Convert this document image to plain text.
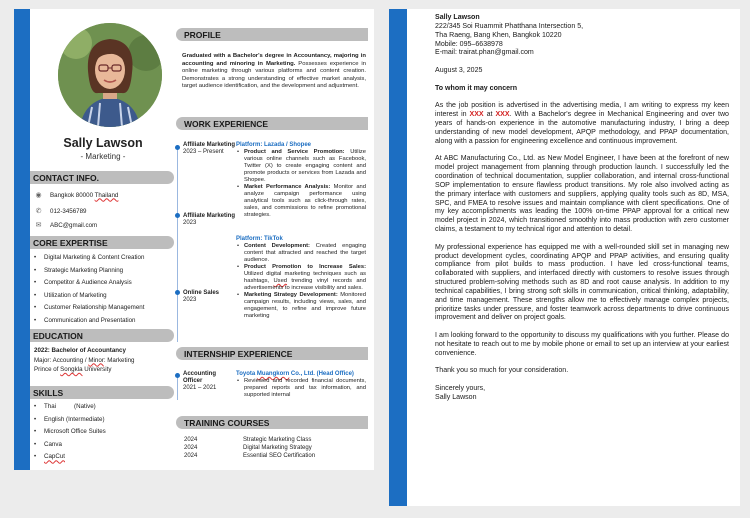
Sally Lawson
- Marketing -
CONTACT INFO.
◉ Bangkok 80000 Thailand
✆ 012-3456789
✉ ABC@gmail.com
CORE EXPERTISE
• Digital Marketing & Content Creation
• Strategic Marketing Planning
• Competitor & Audience Analysis
• Utilization of Marketing
• Customer Relationship Management
• Communication and Presentation
EDUCATION
2022: Bachelor of Accountancy
Major: Accounting / Minor: Marketing
Prince of Songkla University
SKILLS
• Thai	(Native)
• English (Intermediate)
• Microsoft Office Suites
• Canva
• CapCut
PROFILE
Graduated with a Bachelor's degree in Accountancy, majoring in accounting and minoring in Marketing. Possesses experience in online marketing through various platforms and content creation. Demonstrates a strong understanding of effective market analysis, target audience identification, and the development and adjustment.
WORK EXPERIENCE
Affiliate Marketing
2023 – Present
Platform: Lazada / Shopee
• Product and Service Promotion: Utilize various online channels such as Facebook, Twitter (X) to create engaging content and promote products or services from Lazada and Shopee.
• Market Performance Analysis: Monitor and analyze campaign performance using analytical tools such as click-through rates, sales, and commissions to refine promotional strategies.
Affiliate Marketing
2023
Platform: TikTok
• Content Development: Created engaging content that attracted and reached the target audience.
• Product Promotion to Increase Sales: Utilized digital marketing techniques such as hashtags, Used trending vinyl records and advertisements to increase visibility and sales.
• Marketing Strategy Development: Monitored campaign results, including views, sales, and engagement, to refine and improve future marketing
Online Sales
2023
INTERNSHIP EXPERIENCE
Accounting Officer
2021 – 2021
Toyota Muangkorn Co., Ltd. (Head Office)
• Reviewed and recorded financial documents, prepared reports and tax information, and supported internal
TRAINING COURSES
2024	Strategic Marketing Class
2024	Digital Marketing Strategy
2024	Essential SEO Certification
Sally Lawson
222/345 Soi Ruammit Phatthana Intersection 5,
Tha Raeng, Bang Khen, Bangkok 10220
Mobile: 095–6638978
E-mail: trairat.phan@gmail.com

August 3, 2025

To whom it may concern

As the job position is advertised in the advertising media, I am writing to express my keen interest in XXX at XXX. With a Bachelor's degree in Mechanical Engineering and over two years of hands-on experience in the automotive manufacturing industry, I bring a deep understanding of new model development, APQP methodology, and PPAP documentation, along with a passion for engineering excellence and continuous improvement.

At ABC Manufacturing Co., Ltd. as New Model Engineer, I have been at the forefront of new model project management from planning through production launch. I successfully led the coordination of technical documentation, supplier collaboration, and internal cross-functional SOP implementation to ensure flawless product transitions. My role also involved acting as the primary interface with customers and suppliers, applying quality tools such as 8D, MSA, SPC, and FMEA to resolve issues and maintain compliance with client specifications. One of my key accomplishments was leading the 100% on-time PPAP approval for a critical new model project in 2024, which transitioned smoothly into mass production with zero customer claims, a testament to my technical rigor and attention to detail.

My professional experience has equipped me with a well-rounded skill set in managing new product development cycles, coordinating APQP and PPAP activities, and ensuring quality compliance from pilot builds to mass production. I have led cross-functional teams, collaborated with suppliers, and interfaced directly with customers to resolve issues through structured problem-solving methods such as 8D and root cause analysis. In addition to my technical capabilities, I bring strong soft skills in communication, critical thinking, adaptability, and time management. These strengths allow me to effectively manage complex projects, prioritize tasks under pressure, and foster teamwork across departments to drive continuous improvement and deliver on project goals.

I am looking forward to the opportunity to discuss my qualifications with you further. Please do not hesitate to reach out to me by mobile phone or email to set up an interview at your earliest convenience.

Thank you so much for your consideration.

Sincerely yours,
Sally Lawson
